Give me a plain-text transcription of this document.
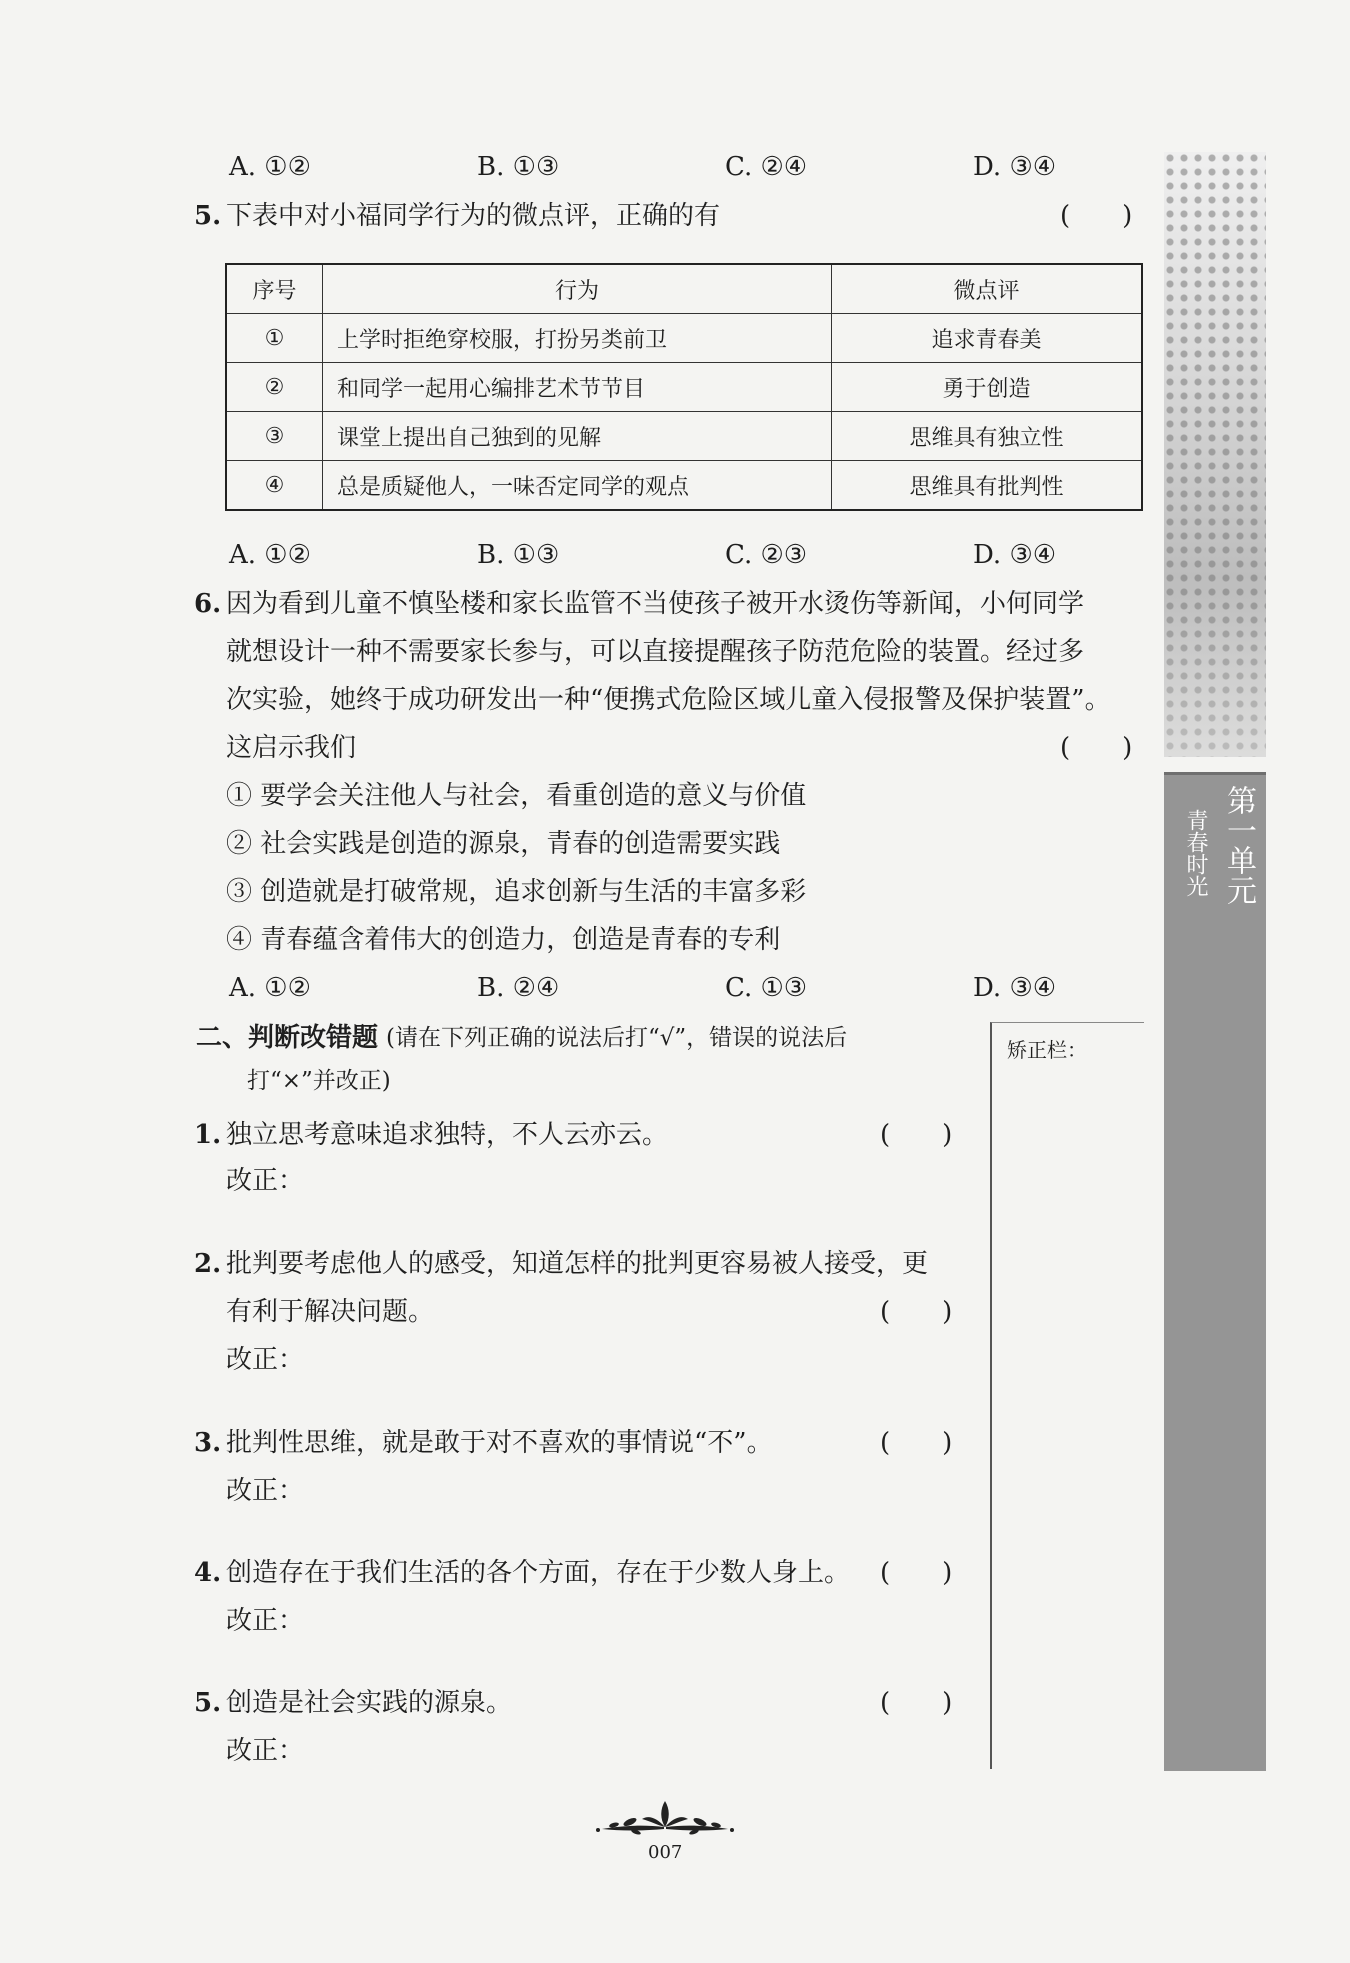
A. ①②	B. ①③	C. ②④	D. ③④
5. 下表中对小福同学行为的微点评，正确的有	(　　)
序号	行为	微点评
①	上学时拒绝穿校服，打扮另类前卫	追求青春美
②	和同学一起用心编排艺术节节目	勇于创造
③	课堂上提出自己独到的见解	思维具有独立性
④	总是质疑他人，一味否定同学的观点	思维具有批判性
A. ①②	B. ①③	C. ②③	D. ③④
6. 因为看到儿童不慎坠楼和家长监管不当使孩子被开水烫伤等新闻，小何同学
就想设计一种不需要家长参与，可以直接提醒孩子防范危险的装置。经过多
次实验，她终于成功研发出一种“便携式危险区域儿童入侵报警及保护装置”。
这启示我们	(　　)
① 要学会关注他人与社会，看重创造的意义与价值
② 社会实践是创造的源泉，青春的创造需要实践
③ 创造就是打破常规，追求创新与生活的丰富多彩
④ 青春蕴含着伟大的创造力，创造是青春的专利
A. ①②	B. ②④	C. ①③	D. ③④
二、判断改错题 (请在下列正确的说法后打“√”，错误的说法后
打“×”并改正)
矫正栏：
1. 独立思考意味追求独特，不人云亦云。	(　　)
改正：
2. 批判要考虑他人的感受，知道怎样的批判更容易被人接受，更
有利于解决问题。	(　　)
改正：
3. 批判性思维，就是敢于对不喜欢的事情说“不”。	(　　)
改正：
4. 创造存在于我们生活的各个方面，存在于少数人身上。 (　　)
改正：
5. 创造是社会实践的源泉。	(　　)
改正：
第一单元
青春时光
007
